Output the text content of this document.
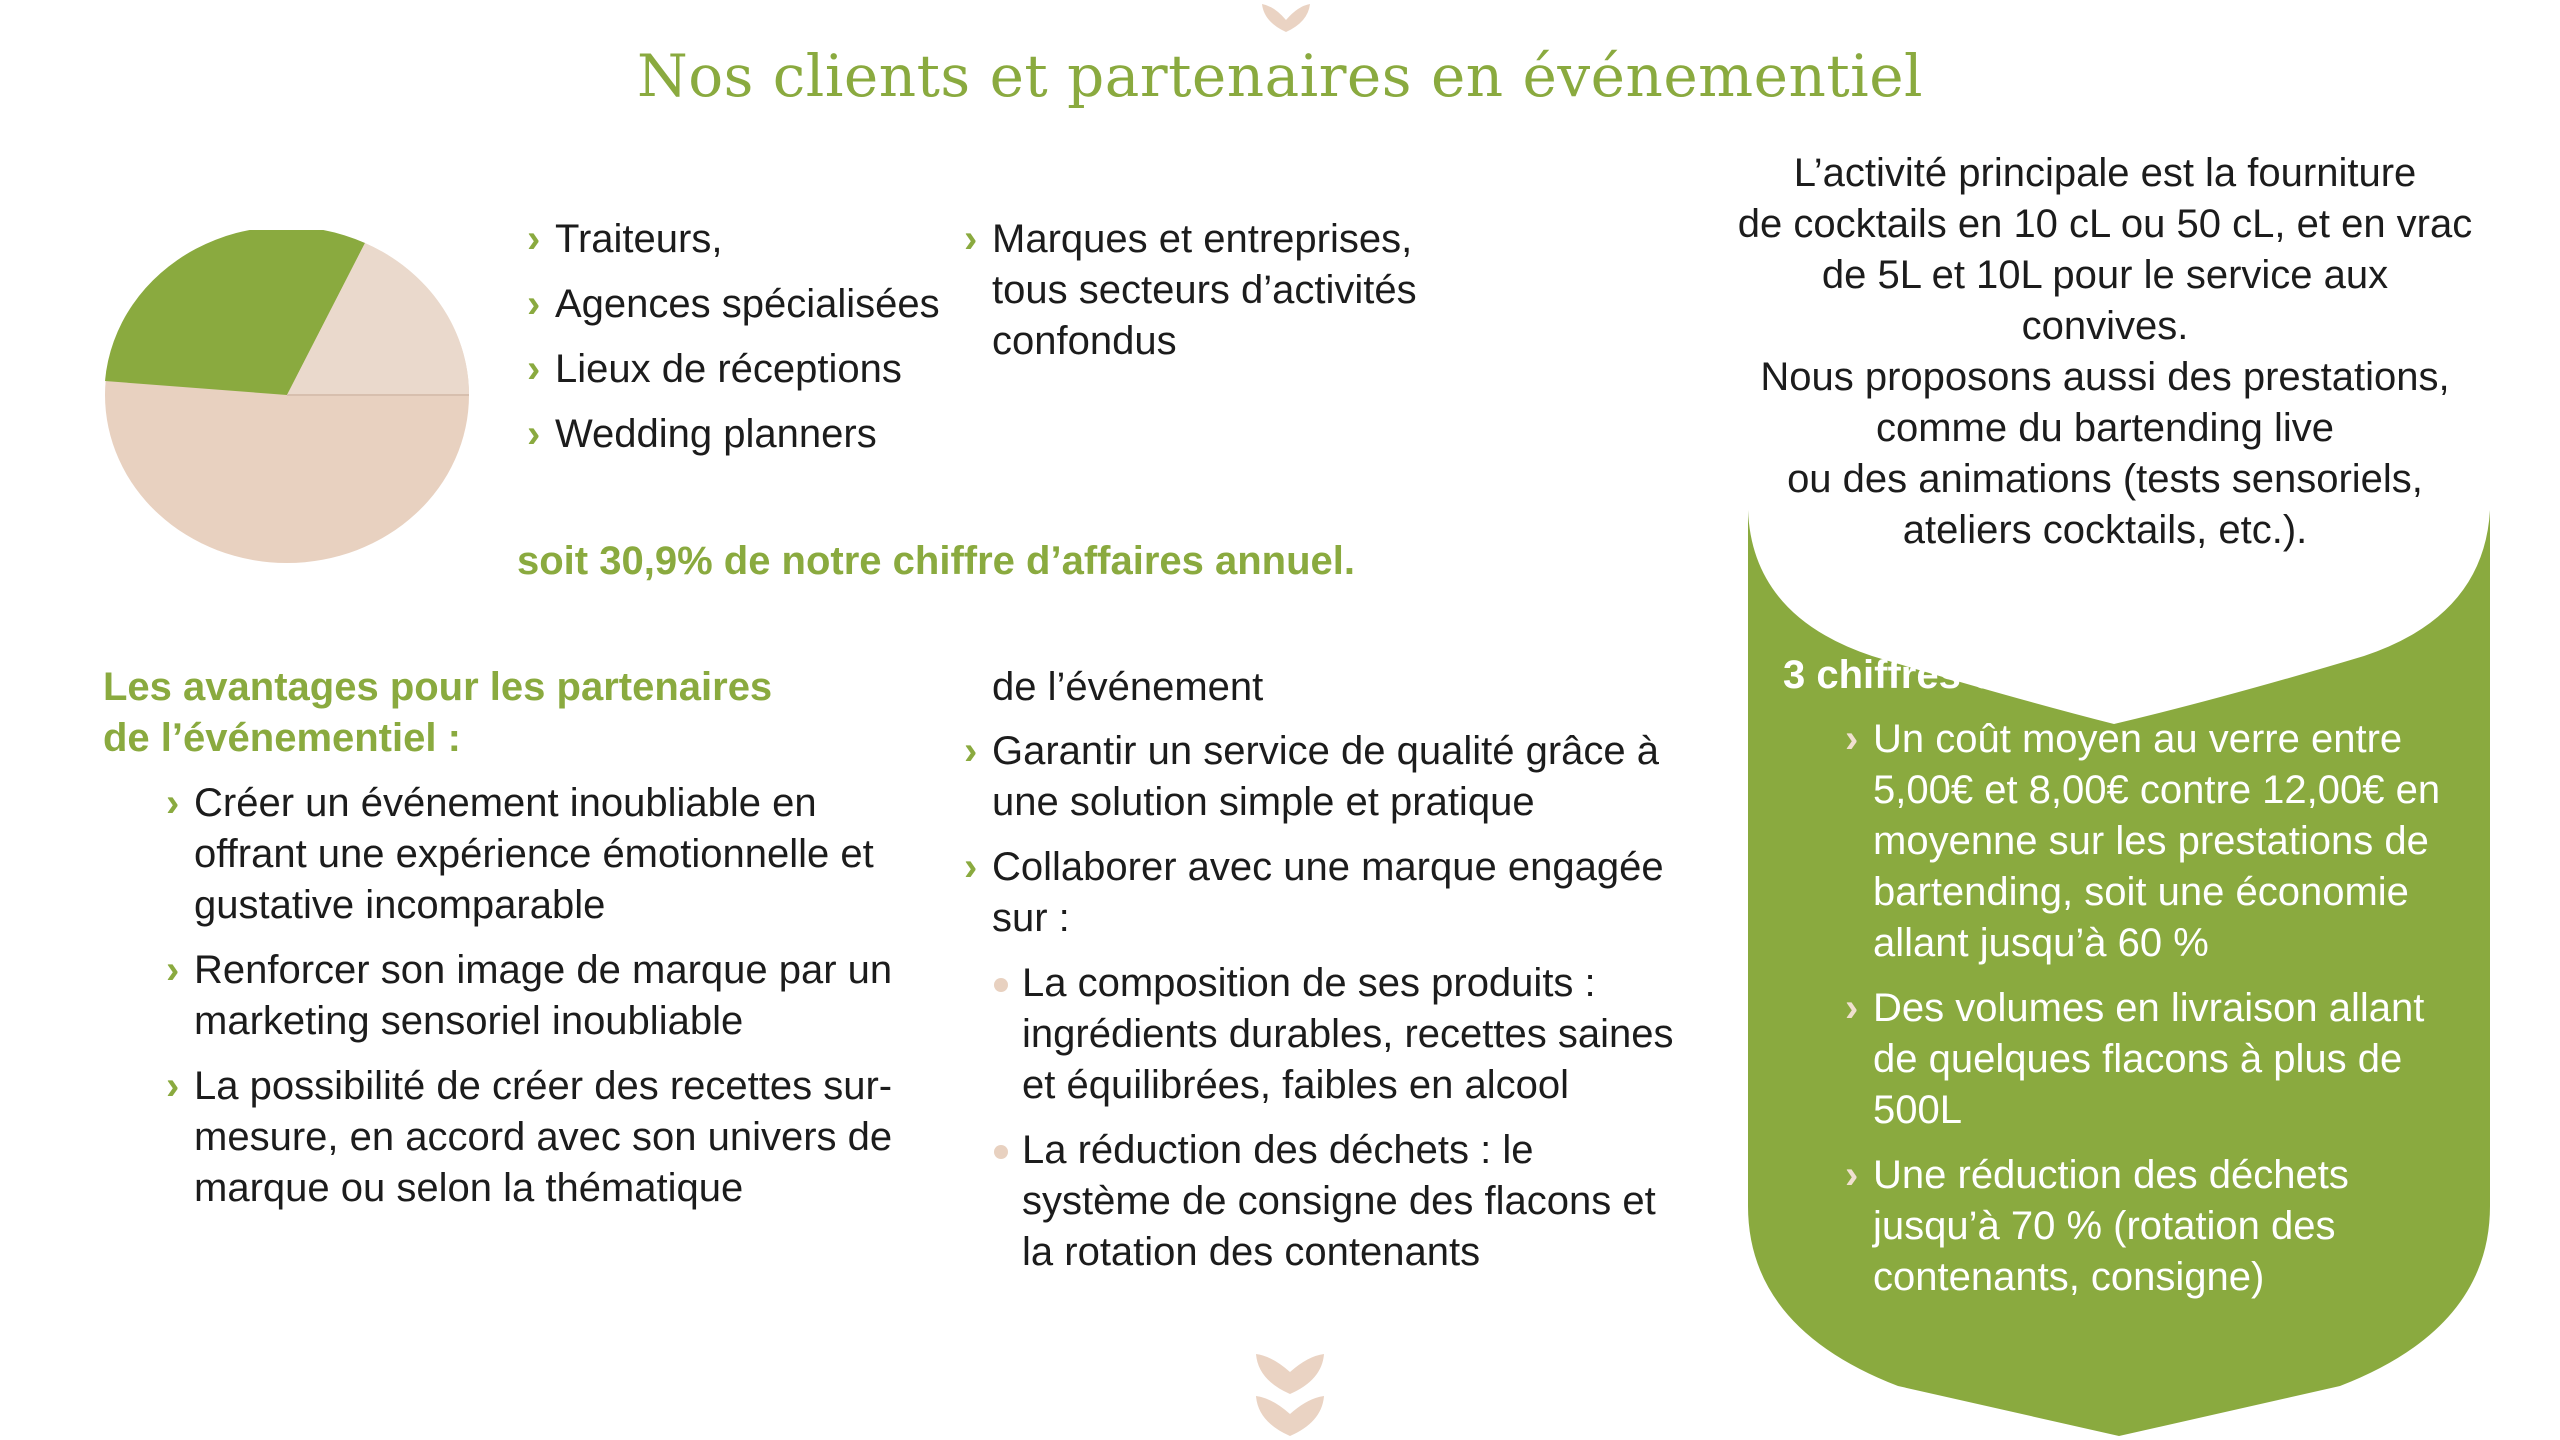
Nos clients et partenaires en événementiel
› Traiteurs,
› Agences spécialisées
› Lieux de réceptions
› Wedding planners
› Marques et entreprises, tous secteurs d’activités confondus
soit 30,9% de notre chiffre d’affaires annuel.
L’activité principale est la fourniture
de cocktails en 10 cL ou 50 cL, et en vrac
de 5L et 10L pour le service aux
convives.
Nous proposons aussi des prestations,
comme du bartending live
ou des animations (tests sensoriels,
ateliers cocktails, etc.).
3 chiffres clés :
› Un coût moyen au verre entre 5,00€ et 8,00€ contre 12,00€ en moyenne sur les prestations de bartending, soit une économie allant jusqu’à 60 %
› Des volumes en livraison allant de quelques flacons à plus de 500L
› Une réduction des déchets jusqu’à 70 % (rotation des contenants, consigne)
Les avantages pour les partenaires
de l’événementiel :
› Créer un événement inoubliable en offrant une expérience émotionnelle et gustative incomparable
› Renforcer son image de marque par un marketing sensoriel inoubliable
› La possibilité de créer des recettes sur-mesure, en accord avec son univers de marque ou selon la thématique
de l’événement
› Garantir un service de qualité grâce à une solution simple et pratique
› Collaborer avec une marque engagée sur :
La composition de ses produits : ingrédients durables, recettes saines et équilibrées, faibles en alcool
La réduction des déchets : le système de consigne des flacons et la rotation des contenants
